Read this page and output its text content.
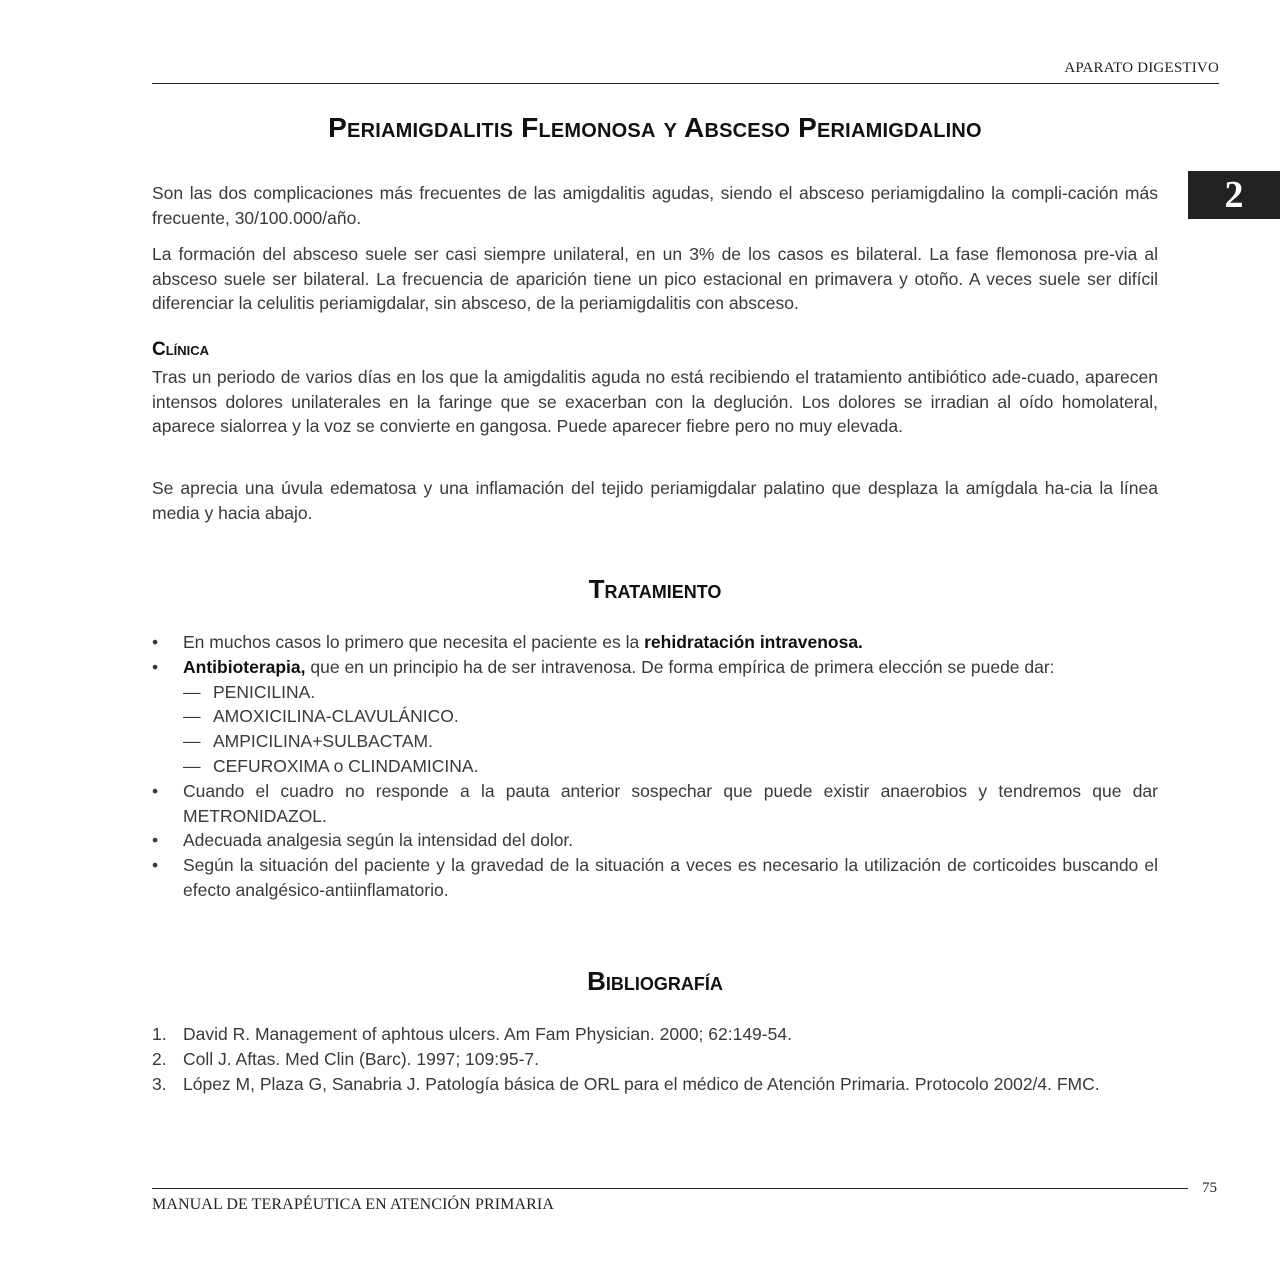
APARATO DIGESTIVO
2
Periamigdalitis Flemonosa y Absceso Periamigdalino

Son las dos complicaciones más frecuentes de las amigdalitis agudas, siendo el absceso periamigdalino la compli-cación más frecuente, 30/100.000/año.

La formación del absceso suele ser casi siempre unilateral, en un 3% de los casos es bilateral. La fase flemonosa pre-via al absceso suele ser bilateral. La frecuencia de aparición tiene un pico estacional en primavera y otoño. A veces suele ser difícil diferenciar la celulitis periamigdalar, sin absceso, de la periamigdalitis con absceso.

Clínica

Tras un periodo de varios días en los que la amigdalitis aguda no está recibiendo el tratamiento antibiótico ade-cuado, aparecen intensos dolores unilaterales en la faringe que se exacerban con la deglución. Los dolores se irradian al oído homolateral, aparece sialorrea y la voz se convierte en gangosa. Puede aparecer fiebre pero no muy elevada.

Se aprecia una úvula edematosa y una inflamación del tejido periamigdalar palatino que desplaza la amígdala ha-cia la línea media y hacia abajo.

Tratamiento
• En muchos casos lo primero que necesita el paciente es la rehidratación intravenosa.
• Antibioterapia, que en un principio ha de ser intravenosa. De forma empírica de primera elección se puede dar:
— PENICILINA.
— AMOXICILINA-CLAVULÁNICO.
— AMPICILINA+SULBACTAM.
— CEFUROXIMA o CLINDAMICINA.
• Cuando el cuadro no responde a la pauta anterior sospechar que puede existir anaerobios y tendremos que dar METRONIDAZOL.
• Adecuada analgesia según la intensidad del dolor.
• Según la situación del paciente y la gravedad de la situación a veces es necesario la utilización de corticoides buscando el efecto analgésico-antiinflamatorio.
Bibliografía
1. David R. Management of aphtous ulcers. Am Fam Physician. 2000; 62:149-54.
2. Coll J. Aftas. Med Clin (Barc). 1997; 109:95-7.
3. López M, Plaza G, Sanabria J. Patología básica de ORL para el médico de Atención Primaria. Protocolo 2002/4. FMC.
75
MANUAL DE TERAPÉUTICA EN ATENCIÓN PRIMARIA
